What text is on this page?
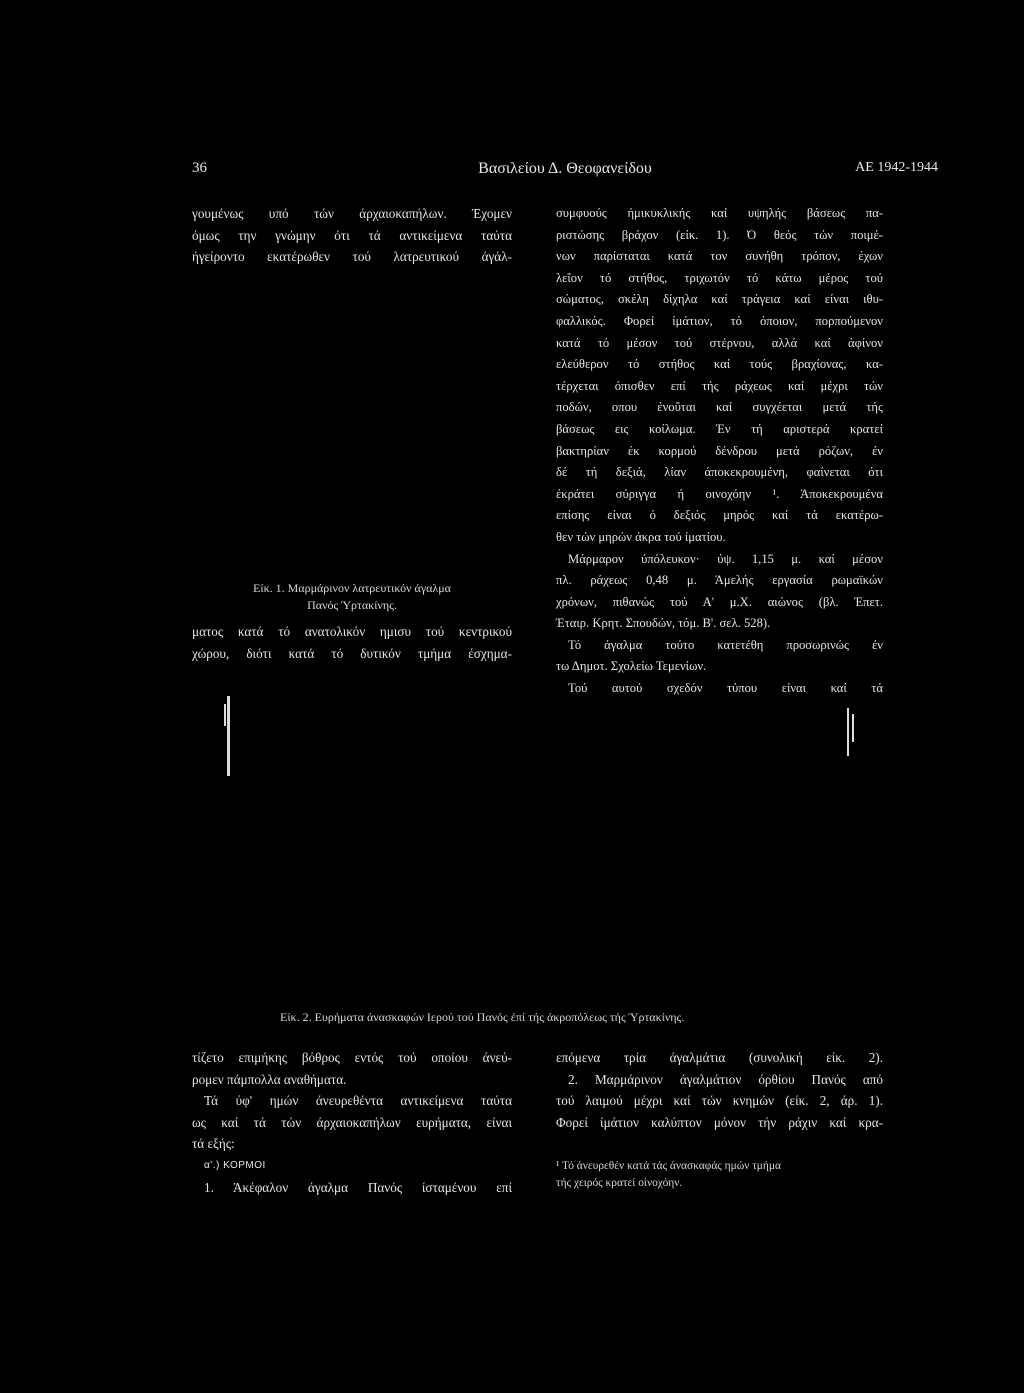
36	Βασιλείου Δ. Θεοφανείδου	ΑΕ 1942-1944
γουμένως υπό τών άρχαιοκαπήλων. Έχομεν
όμως την γνώμην ότι τά αντικείμενα ταύτα
ήγείροντο εκατέρωθεν τού λατρευτικού άγάλ-
Είκ. 1. Μαρμάρινον λατρευτικόν άγαλμα
Πανός Ύρτακίνης.
ματος κατά τό ανατολικόν ημισυ τού κεντρικού
χώρου, διότι κατά τό δυτικόν τμήμα έσχημα-
συμφυούς ήμικυκλικής καί υψηλής βάσεως πα-
ριστώσης βράχον (είκ. 1). Ό θεός τών ποιμέ-
νων παρίσταται κατά τον συνήθη τρόπον, έχων
λεΐον τό στήθος, τριχωτόν τό κάτω μέρος τού
σώματος, σκέλη δίχηλα καί τράγεια καί είναι ιθυ-
φαλλικός. Φορεί ίμάτιον, τό όποιον, πορπούμενον
κατά τό μέσον τού στέρνου, αλλά καί άφίνον
ελεύθερον τό στήθος καί τούς βραχίονας, κα-
τέρχεται όπισθεν επί τής ράχεως καί μέχρι τών
ποδών, οπου ένοΰται καί συγχέεται μετά τής
βάσεως εις κοίλωμα. Έν τή αριστερά κρατεί
βακτηρίαν έκ κορμού δένδρου μετά ρόζων, έν
δέ τή δεξιά, λίαν άποκεκρουμένη, φαίνεται ότι
έκράτει σύριγγα ή οινοχόην ¹. Άποκεκρουμένα
επίσης είναι ό δεξιός μηρός καί τά εκατέρω-
θεν τών μηρών άκρα τού ίματίου.
Μάρμαρον ύπόλευκον· ύψ. 1,15 μ. καί μέσον
πλ. ράχεως 0,48 μ. Άμελής εργασία ρωμαϊκών
χρόνων, πιθανώς τού Α' μ.Χ. αιώνος (βλ. Έπετ.
Έταιρ. Κρητ. Σπουδών, τόμ. Β'. σελ. 528).
Τό άγαλμα τούτο κατετέθη προσωρινώς έν
τω Δημοτ. Σχολείω Τεμενίων.
Τού αυτού σχεδόν τύπου είναι καί τά
Είκ. 2. Ευρήματα άνασκαφών Ιερού τού Πανός έπί τής άκροπόλεως τής Ύρτακίνης.
τίζετο επιμήκης βόθρος εντός τού οποίου άνεύ-
ρομεν πάμπολλα αναθήματα.
Τά ύφ' ημών άνευρεθέντα αντικείμενα ταύτα
ως καί τά τών άρχαιοκαπήλων ευρήματα, είναι
τά εξής:
α'.) ΚΟΡΜΟΙ
1. Άκέφαλον άγαλμα Πανός ίσταμένου επί
επόμενα τρία άγαλμάτια (συνολική είκ. 2).
2. Μαρμάρινον άγαλμάτιον όρθίου Πανός από
τού λαιμού μέχρι καί τών κνημών (είκ. 2, άρ. 1).
Φορεί ίμάτιον καλύπτον μόνον τήν ράχιν καί κρα-
¹ Τό άνευρεθέν κατά τάς άνασκαφάς ημών τμήμα
τής χειρός κρατεί οίνοχόην.
